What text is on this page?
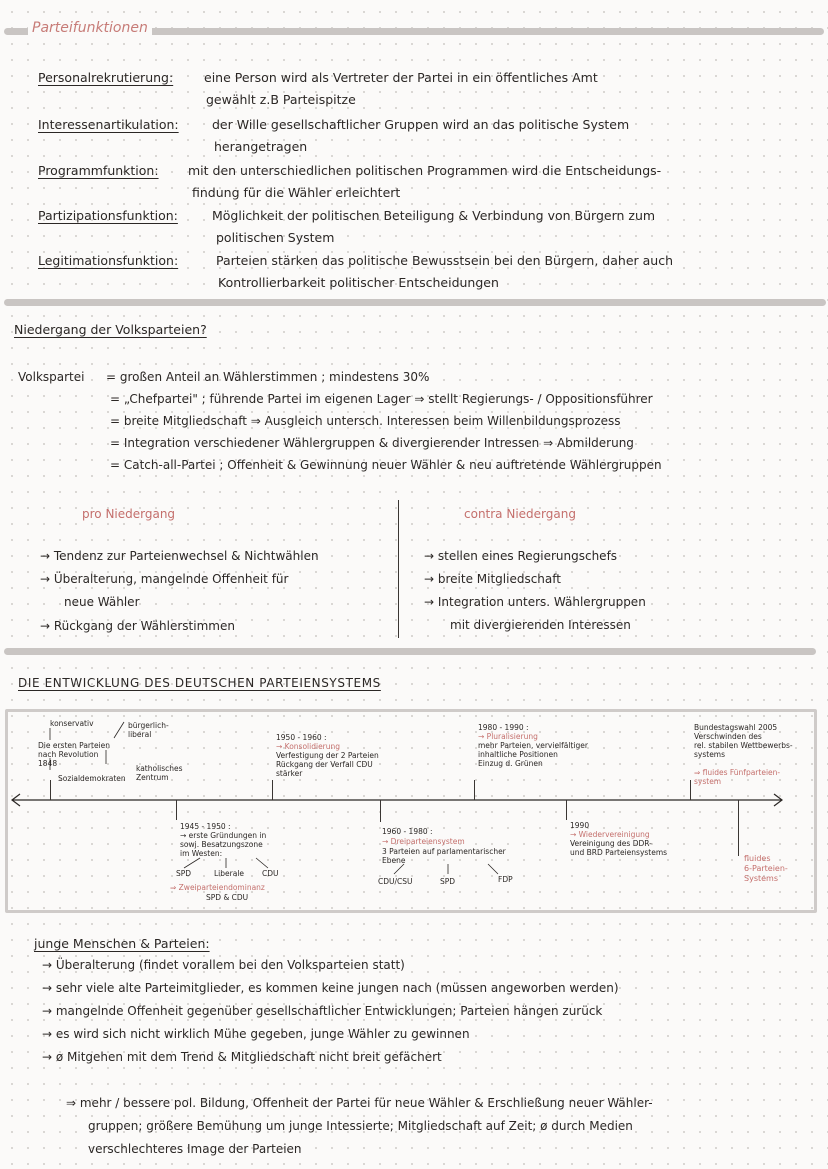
Parteifunktionen
Personalrekrutierung: eine Person wird als Vertreter der Partei in ein öffentliches Amt
gewählt z.B Parteispitze
Interessenartikulation:	der Wille gesellschaftlicher Gruppen wird an das politische System
herangetragen
Programmfunktion: mit den unterschiedlichen politischen Programmen wird die Entscheidungs-
findung für die Wähler erleichtert
Partizipationsfunktion:	Möglichkeit der politischen Beteiligung & Verbindung von Bürgern zum
politischen System
Legitimationsfunktion:	Parteien stärken das politische Bewusstsein bei den Bürgern, daher auch
Kontrollierbarkeit politischer Entscheidungen
Niedergang der Volksparteien?
Volkspartei = großen Anteil an Wählerstimmen ; mindestens 30%
= „Chefpartei" ; führende Partei im eigenen Lager ⇒ stellt Regierungs- / Oppositionsführer
= breite Mitgliedschaft ⇒ Ausgleich untersch. Interessen beim Willenbildungsprozess
= Integration verschiedener Wählergruppen & divergierender Intressen ⇒ Abmilderung
= Catch-all-Partei ; Offenheit & Gewinnung neuer Wähler & neu auftretende Wählergruppen
pro Niedergang	contra Niedergang
→ Tendenz zur Parteienwechsel & Nichtwählen
→ Überalterung, mangelnde Offenheit für
neue Wähler
→ Rückgang der Wählerstimmen
→ stellen eines Regierungschefs
→ breite Mitgliedschaft
→ Integration unters. Wählergruppen
mit divergierenden Interessen
DIE ENTWICKLUNG DES DEUTSCHEN PARTEIENSYSTEMS
konservativ	bürgerlich-
liberal
Die ersten Parteien
nach Revolution
1848
Sozialdemokraten
katholisches
Zentrum
1950 - 1960 :
→ Konsolidierung
Verfestigung der 2 Parteien
Rückgang der Verfall CDU
stärker
1980 - 1990 :
→ Pluralisierung
mehr Parteien, vervielfältiger
inhaltliche Positionen
Einzug d. Grünen
Bundestagswahl 2005
Verschwinden des
rel. stabilen Wettbewerbs-
systems
⇒ fluides Fünfparteien-
system
1945 - 1950 :
→ erste Gründungen in
sowj. Besatzungszone
im Westen:
SPD	Liberale CDU
⇒ Zweiparteiendominanz
SPD & CDU
1960 - 1980 :
→ Dreiparteiensystem
3 Parteien auf parlamentarischer
Ebene
CDU/CSU	SPD	FDP
1990
→ Wiedervereinigung
Vereinigung des DDR-
und BRD Parteiensystems
fluides
6-Parteien-
Systems
junge Menschen & Parteien:
→ Überalterung (findet vorallem bei den Volksparteien statt)
→ sehr viele alte Parteimitglieder, es kommen keine jungen nach (müssen angeworben werden)
→ mangelnde Offenheit gegenüber gesellschaftlicher Entwicklungen; Parteien hängen zurück
→ es wird sich nicht wirklich Mühe gegeben, junge Wähler zu gewinnen
→ ø Mitgehen mit dem Trend & Mitgliedschaft nicht breit gefächert
⇒ mehr / bessere pol. Bildung, Offenheit der Partei für neue Wähler & Erschließung neuer Wähler-
gruppen; größere Bemühung um junge Intessierte; Mitgliedschaft auf Zeit; ø durch Medien
verschlechteres Image der Parteien
